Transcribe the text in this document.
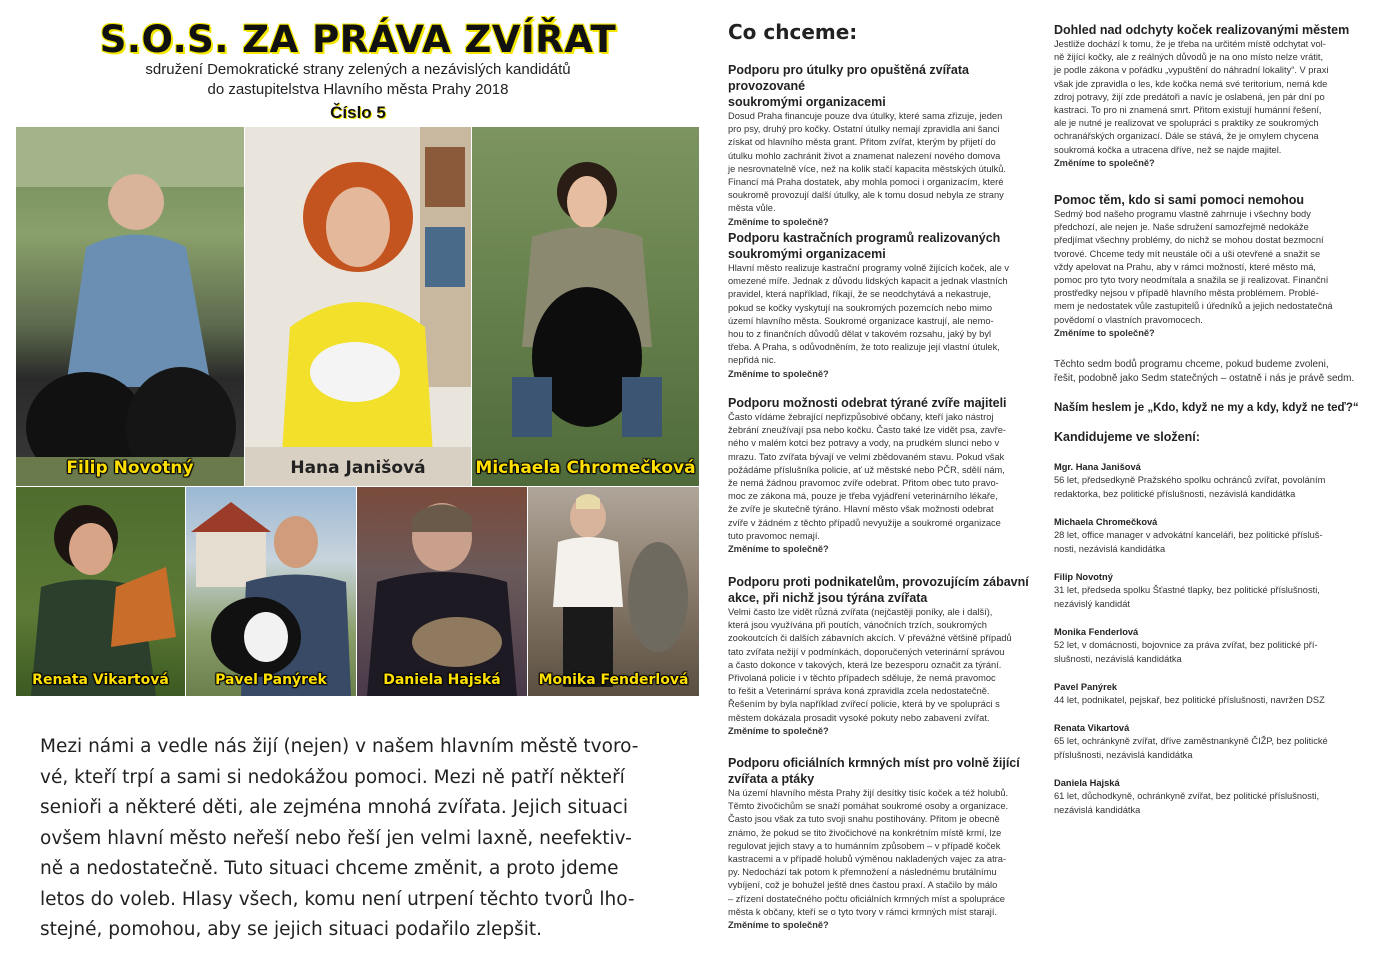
S.O.S. ZA PRÁVA ZVÍŘAT
sdružení Demokratické strany zelených a nezávislých kandidátů
do zastupitelstva Hlavního města Prahy 2018
Číslo 5
Filip Novotný	Hana Janišová	Michaela Chromečková
Renata Vikartová	Pavel Panýrek	Daniela Hajská	Monika Fenderlová
Mezi námi a vedle nás žijí (nejen) v našem hlavním městě tvoro-
vé, kteří trpí a sami si nedokážou pomoci. Mezi ně patří někteří
senioři a některé děti, ale zejména mnohá zvířata. Jejich situaci
ovšem hlavní město neřeší nebo řeší jen velmi laxně, neefektiv-
ně a nedostatečně. Tuto situaci chceme změnit, a proto jdeme
letos do voleb. Hlasy všech, komu není utrpení těchto tvorů lho-
stejné, pomohou, aby se jejich situaci podařilo zlepšit.
Co chceme:
Podporu pro útulky pro opuštěná zvířata provozované
soukromými organizacemi

Dosud Praha financuje pouze dva útulky, které sama zřizuje, jeden
pro psy, druhý pro kočky. Ostatní útulky nemají zpravidla ani šanci
získat od hlavního města grant. Přitom zvířat, kterým by přijetí do
útulku mohlo zachránit život a znamenat nalezení nového domova
je nesrovnatelně více, než na kolik stačí kapacita městských útulků.
Financí má Praha dostatek, aby mohla pomoci i organizacím, které
soukromě provozují další útulky, ale k tomu dosud nebyla ze strany
města vůle.

Změníme to společně?
Podporu kastračních programů realizovaných
soukromými organizacemi

Hlavní město realizuje kastrační programy volně žijících koček, ale v
omezené míře. Jednak z důvodu lidských kapacit a jednak vlastních
pravidel, která například, říkají, že se neodchytává a nekastruje,
pokud se kočky vyskytují na soukromých pozemcích nebo mimo
území hlavního města. Soukromé organizace kastrují, ale nemo-
hou to z finančních důvodů dělat v takovém rozsahu, jaký by byl
třeba. A Praha, s odůvodněním, že toto realizuje její vlastní útulek,
nepřidá nic.

Změníme to společně?
Podporu možnosti odebrat týrané zvíře majiteli

Často vídáme žebrající nepřizpůsobivé občany, kteří jako nástroj
žebrání zneužívají psa nebo kočku. Často také lze vidět psa, zavře-
ného v malém kotci bez potravy a vody, na prudkém slunci nebo v
mrazu. Tato zvířata bývají ve velmi zbědovaném stavu. Pokud však
požádáme příslušníka policie, ať už městské nebo PČR, sdělí nám,
že nemá žádnou pravomoc zvíře odebrat. Přitom obec tuto pravo-
moc ze zákona má, pouze je třeba vyjádření veterinárního lékaře,
že zvíře je skutečně týráno. Hlavní město však možnosti odebrat
zvíře v žádném z těchto případů nevyužije a soukromé organizace
tuto pravomoc nemají.

Změníme to společně?
Podporu proti podnikatelům, provozujícím zábavní
akce, při nichž jsou týrána zvířata

Velmi často lze vidět různá zvířata (nejčastěji poníky, ale i další),
která jsou využívána při poutích, vánočních trzích, soukromých
zookoutcích či dalších zábavních akcích. V převážné většině případů
tato zvířata nežijí v podmínkách, doporučených veterinární správou
a často dokonce v takových, která lze bezesporu označit za týrání.
Přivolaná policie i v těchto případech sděluje, že nemá pravomoc
to řešit a Veterinární správa koná zpravidla zcela nedostatečně.
Řešením by byla například zvířecí policie, která by ve spolupráci s
městem dokázala prosadit vysoké pokuty nebo zabavení zvířat.

Změníme to společně?
Podporu oficiálních krmných míst pro volně žijící
zvířata a ptáky

Na území hlavního města Prahy žijí desítky tisíc koček a též holubů.
Těmto živočichům se snaží pomáhat soukromé osoby a organizace.
Často jsou však za tuto svoji snahu postihovány. Přitom je obecně
známo, že pokud se tito živočichové na konkrétním místě krmí, lze
regulovat jejich stavy a to humánním způsobem – v případě koček
kastracemi a v případě holubů výměnou nakladených vajec za atra-
py. Nedochází tak potom k přemnožení a následnému brutálnímu
vybíjení, což je bohužel ještě dnes častou praxí. A stačilo by málo
– zřízení dostatečného počtu oficiálních krmných míst a spolupráce
města k občany, kteří se o tyto tvory v rámci krmných míst starají.

Změníme to společně?
Dohled nad odchyty koček realizovanými městem

Jestliže dochází k tomu, že je třeba na určitém místě odchytat vol-
ně žijící kočky, ale z reálných důvodů je na ono místo nelze vrátit,
je podle zákona v pořádku „vypuštění do náhradní lokality“. V praxi
však jde zpravidla o les, kde kočka nemá své teritorium, nemá kde
zdroj potravy, žijí zde predátoři a navíc je oslabená, jen pár dní po
kastraci. To pro ni znamená smrt. Přitom existují humánní řešení,
ale je nutné je realizovat ve spolupráci s praktiky ze soukromých
ochranářských organizací. Dále se stává, že je omylem chycena
soukromá kočka a utracena dříve, než se najde majitel.

Změníme to společně?
Pomoc těm, kdo si sami pomoci nemohou

Sedmý bod našeho programu vlastně zahrnuje i všechny body
předchozí, ale nejen je. Naše sdružení samozřejmě nedokáže
předjímat všechny problémy, do nichž se mohou dostat bezmocní
tvorové. Chceme tedy mít neustále oči a uši otevřené a snažit se
vždy apelovat na Prahu, aby v rámci možností, které město má,
pomoc pro tyto tvory neodmítala a snažila se ji realizovat. Finanční
prostředky nejsou v případě hlavního města problémem. Problé-
mem je nedostatek vůle zastupitelů i úředníků a jejich nedostatečná
povědomí o vlastních pravomocech.

Změníme to společně?
Těchto sedm bodů programu chceme, pokud budeme zvoleni,
řešit, podobně jako Sedm statečných – ostatně i nás je právě sedm.
Naším heslem je „Kdo, když ne my a kdy, když ne teď?“
Kandidujeme ve složení:
Mgr. Hana Janišová
56 let, předsedkyně Pražského spolku ochránců zvířat, povoláním
redaktorka, bez politické příslušnosti, nezávislá kandidátka
Michaela Chromečková
28 let, office manager v advokátní kanceláři, bez politické přísluš-
nosti, nezávislá kandidátka
Filip Novotný
31 let, předseda spolku Šťastné tlapky, bez politické příslušnosti,
nezávislý kandidát
Monika Fenderlová
52 let, v domácnosti, bojovnice za práva zvířat, bez politické pří-
slušnosti, nezávislá kandidátka
Pavel Panýrek
44 let, podnikatel, pejskař, bez politické příslušnosti, navržen DSZ
Renata Vikartová
65 let, ochránkyně zvířat, dříve zaměstnankyně ČIŽP, bez politické
příslušnosti, nezávislá kandidátka
Daniela Hajská
61 let, důchodkyně, ochránkyně zvířat, bez politické příslušnosti,
nezávislá kandidátka
